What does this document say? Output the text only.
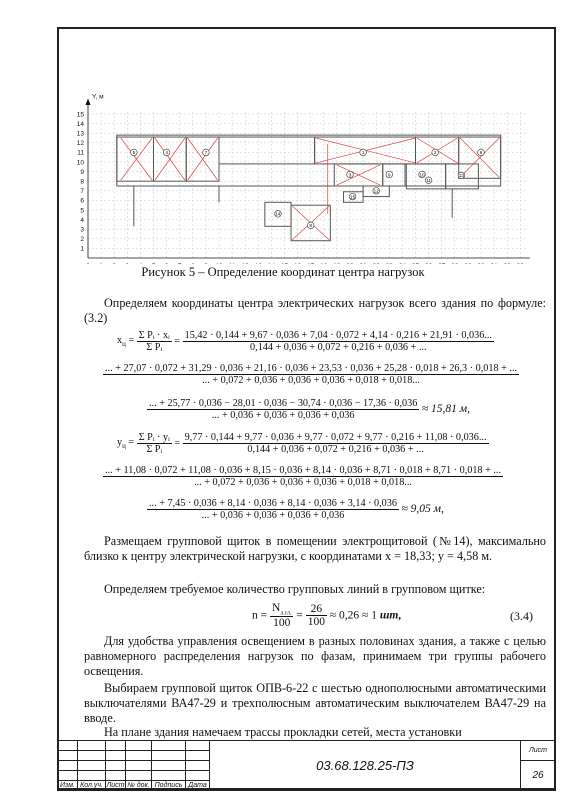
1
2
3
4
5
6
7
8
9
10
11
12
13
14
15
Y, м
5	4	7	1	2	6
3	9	10
12
11
13
14
8
15
Рисунок 5 – Определение координат центра нагрузок
Определяем координаты центра электрических нагрузок всего здания по формуле: (3.2)
$x_ц = \frac{\text{Σ Pᵢ · xᵢ}}{\text{Σ Pᵢ}}$ =
15,42 · 0,144 + 9,67 · 0,036 + 7,04 · 0,072 + 4,14 · 0,216 + 21,91 · 0,036...
0,144 + 0,036 + 0,072 + 0,216 + 0,036 + ...
... + 27,07 · 0,072 + 31,29 · 0,036 + 21,16 · 0,036 + 23,53 · 0,036 + 25,28 · 0,018 + 26,3 · 0,018 + ...
... + 0,072 + 0,036 + 0,036 + 0,036 + 0,018 + 0,018...
... + 25,77 · 0,036 − 28,01 · 0,036 − 30,74 · 0,036 − 17,36 · 0,036
... + 0,036 + 0,036 + 0,036 + 0,036
≈ 15,81 м,
$y_ц = \frac{\text{Σ Pᵢ · yᵢ}}{\text{Σ Pᵢ}}$ =
9,77 · 0,144 + 9,77 · 0,036 + 9,77 · 0,072 + 9,77 · 0,216 + 11,08 · 0,036...
0,144 + 0,036 + 0,072 + 0,216 + 0,036 + ...
... + 11,08 · 0,072 + 11,08 · 0,036 + 8,15 · 0,036 + 8,14 · 0,036 + 8,71 · 0,018 + 8,71 · 0,018 + ...
... + 0,072 + 0,036 + 0,036 + 0,036 + 0,018 + 0,018...
... + 7,45 · 0,036 + 8,14 · 0,036 + 8,14 · 0,036 + 3,14 · 0,036
... + 0,036 + 0,036 + 0,036 + 0,036
≈ 9,05 м,
Размещаем групповой щиток в помещении электрощитовой (№14), максимально близко к центру электрической нагрузки, с координатами x = 18,33; y = 4,58 м.
Определяем требуемое количество групповых линий в групповом щитке:
$n = \frac{N_{л.гл.}}{100} = \frac{26}{100} \approx 0,26 \approx 1$ шт,	(3.4)
Для удобства управления освещением в разных половинах здания, а также с целью равномерного распределения нагрузок по фазам, принимаем три группы рабочего освещения.
Выбираем групповой щиток ОПВ-6-22 с шестью однополюсными автоматическими выключателями ВА47-29 и трехполюсным автоматическим выключателем ВА47-29 на вводе.
На плане здания намечаем трассы прокладки сетей, места установки
						03.68.128.25-ПЗ	Лист

							26

Изм.	Кол.уч.	Лист	№ док.	Подпись	Дата		
